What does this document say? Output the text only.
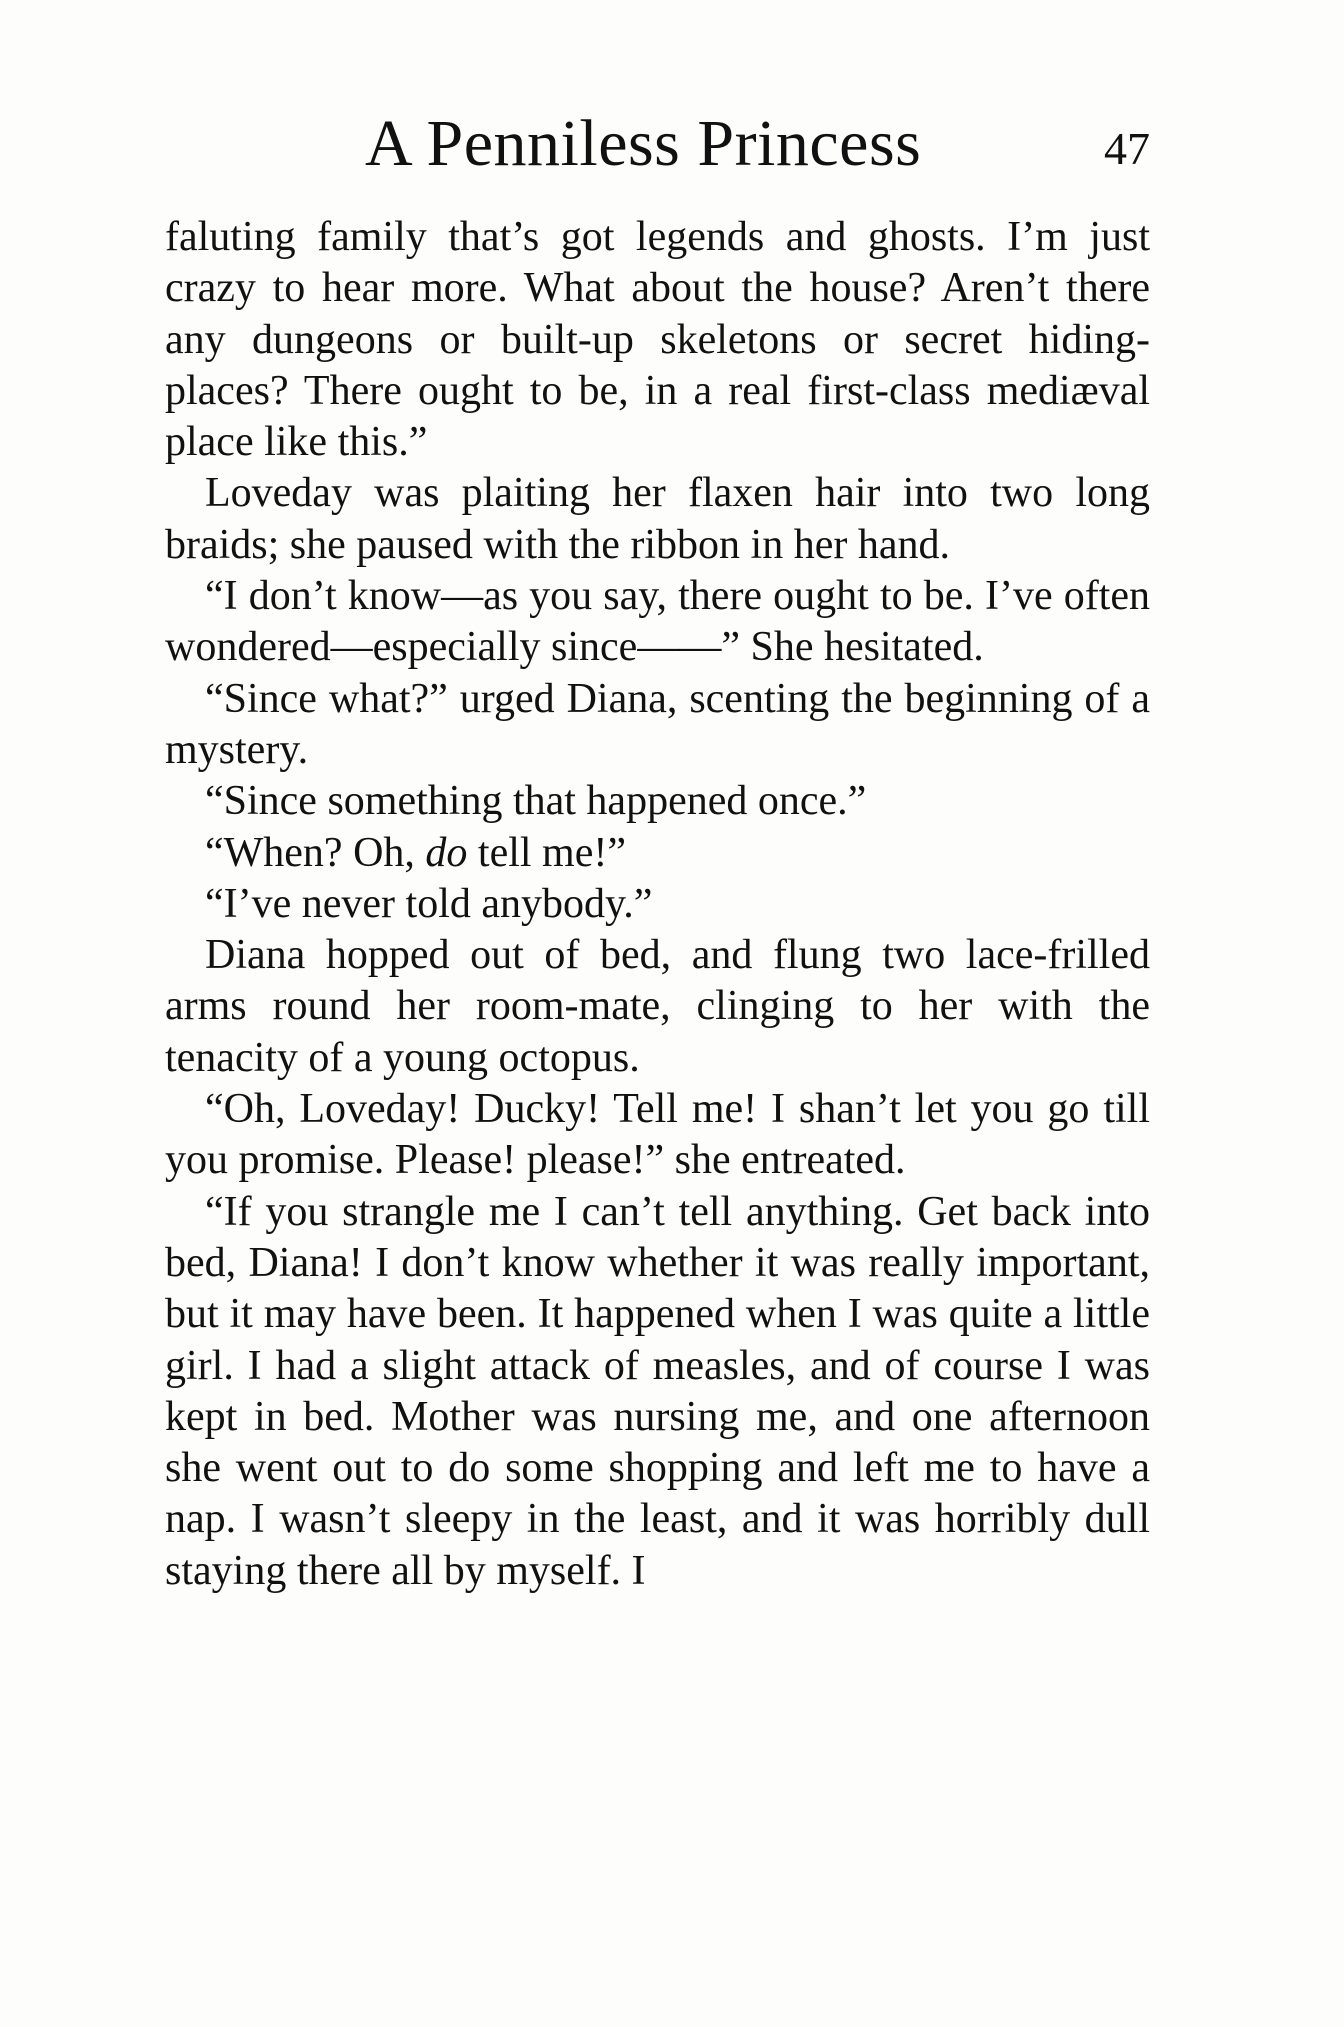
A Penniless Princess	47

faluting family that’s got legends and ghosts. I’m just crazy to hear more. What about the house? Aren’t there any dungeons or built-up skeletons or secret hiding-places? There ought to be, in a real first-class mediæval place like this.”

Loveday was plaiting her flaxen hair into two long braids; she paused with the ribbon in her hand.

“I don’t know—as you say, there ought to be. I’ve often wondered—especially since——” She hesitated.

“Since what?” urged Diana, scenting the beginning of a mystery.

“Since something that happened once.”

“When? Oh, do tell me!”

“I’ve never told anybody.”

Diana hopped out of bed, and flung two lace-frilled arms round her room-mate, clinging to her with the tenacity of a young octopus.

“Oh, Loveday! Ducky! Tell me! I shan’t let you go till you promise. Please! please!” she entreated.

“If you strangle me I can’t tell anything. Get back into bed, Diana! I don’t know whether it was really important, but it may have been. It happened when I was quite a little girl. I had a slight attack of measles, and of course I was kept in bed. Mother was nursing me, and one afternoon she went out to do some shopping and left me to have a nap. I wasn’t sleepy in the least, and it was horribly dull staying there all by myself. I
